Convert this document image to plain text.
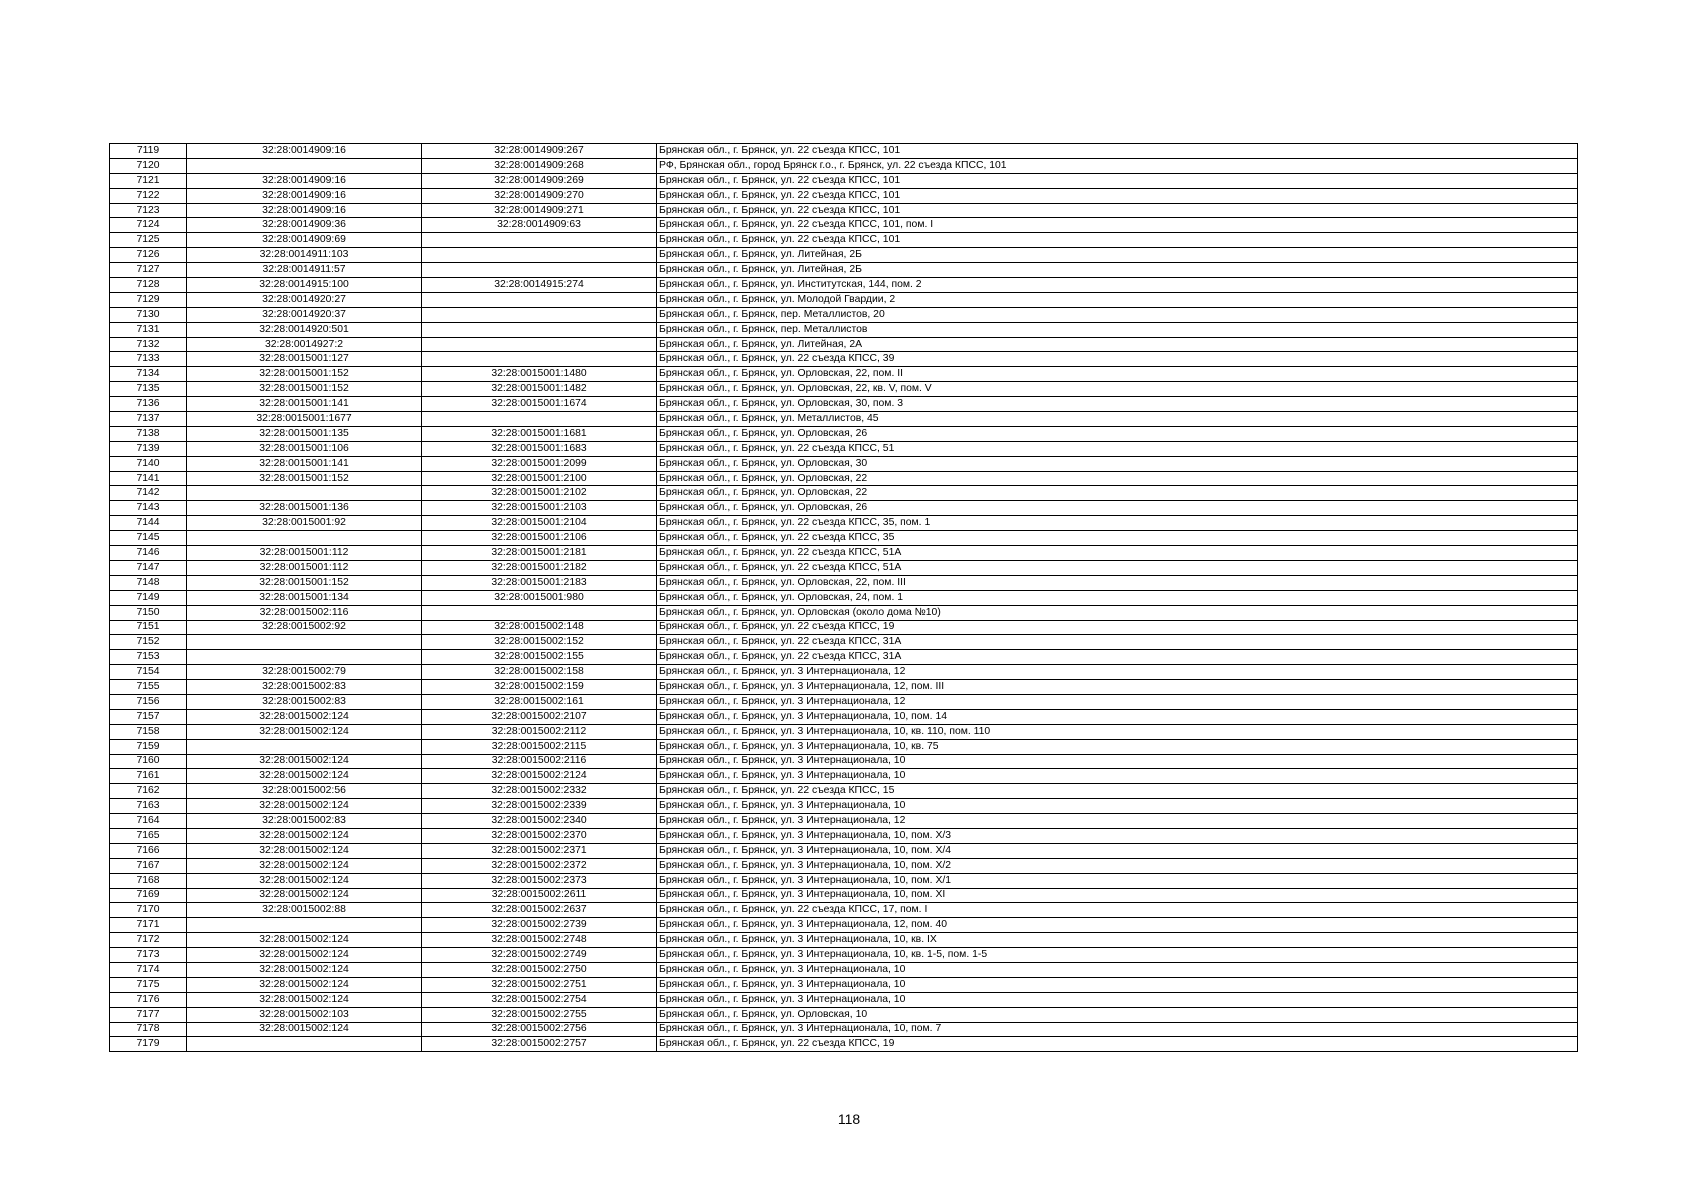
7119	32:28:0014909:16	32:28:0014909:267	Брянская обл., г. Брянск, ул. 22 съезда КПСС, 101
7120		32:28:0014909:268	РФ, Брянская обл., город Брянск г.о., г. Брянск, ул. 22 съезда КПСС, 101
7121	32:28:0014909:16	32:28:0014909:269	Брянская обл., г. Брянск, ул. 22 съезда КПСС, 101
7122	32:28:0014909:16	32:28:0014909:270	Брянская обл., г. Брянск, ул. 22 съезда КПСС, 101
7123	32:28:0014909:16	32:28:0014909:271	Брянская обл., г. Брянск, ул. 22 съезда КПСС, 101
7124	32:28:0014909:36	32:28:0014909:63	Брянская обл., г. Брянск, ул. 22 съезда КПСС, 101, пом. I
7125	32:28:0014909:69		Брянская обл., г. Брянск, ул. 22 съезда КПСС, 101
7126	32:28:0014911:103		Брянская обл., г. Брянск, ул. Литейная, 2Б
7127	32:28:0014911:57		Брянская обл., г. Брянск, ул. Литейная, 2Б
7128	32:28:0014915:100	32:28:0014915:274	Брянская обл., г. Брянск, ул. Институтская, 144, пом. 2
7129	32:28:0014920:27		Брянская обл., г. Брянск, ул. Молодой Гвардии, 2
7130	32:28:0014920:37		Брянская обл., г. Брянск, пер. Металлистов, 20
7131	32:28:0014920:501		Брянская обл., г. Брянск, пер. Металлистов
7132	32:28:0014927:2		Брянская обл., г. Брянск, ул. Литейная, 2А
7133	32:28:0015001:127		Брянская обл., г. Брянск, ул. 22 съезда КПСС, 39
7134	32:28:0015001:152	32:28:0015001:1480	Брянская обл., г. Брянск, ул. Орловская, 22, пом. II
7135	32:28:0015001:152	32:28:0015001:1482	Брянская обл., г. Брянск, ул. Орловская, 22, кв. V, пом. V
7136	32:28:0015001:141	32:28:0015001:1674	Брянская обл., г. Брянск, ул. Орловская, 30, пом. 3
7137	32:28:0015001:1677		Брянская обл., г. Брянск, ул. Металлистов, 45
7138	32:28:0015001:135	32:28:0015001:1681	Брянская обл., г. Брянск, ул. Орловская, 26
7139	32:28:0015001:106	32:28:0015001:1683	Брянская обл., г. Брянск, ул. 22 съезда КПСС, 51
7140	32:28:0015001:141	32:28:0015001:2099	Брянская обл., г. Брянск, ул. Орловская, 30
7141	32:28:0015001:152	32:28:0015001:2100	Брянская обл., г. Брянск, ул. Орловская, 22
7142		32:28:0015001:2102	Брянская обл., г. Брянск, ул. Орловская, 22
7143	32:28:0015001:136	32:28:0015001:2103	Брянская обл., г. Брянск, ул. Орловская, 26
7144	32:28:0015001:92	32:28:0015001:2104	Брянская обл., г. Брянск, ул. 22 съезда КПСС, 35, пом. 1
7145		32:28:0015001:2106	Брянская обл., г. Брянск, ул. 22 съезда КПСС, 35
7146	32:28:0015001:112	32:28:0015001:2181	Брянская обл., г. Брянск, ул. 22 съезда КПСС, 51А
7147	32:28:0015001:112	32:28:0015001:2182	Брянская обл., г. Брянск, ул. 22 съезда КПСС, 51А
7148	32:28:0015001:152	32:28:0015001:2183	Брянская обл., г. Брянск, ул. Орловская, 22, пом. III
7149	32:28:0015001:134	32:28:0015001:980	Брянская обл., г. Брянск, ул. Орловская, 24, пом. 1
7150	32:28:0015002:116		Брянская обл., г. Брянск, ул. Орловская (около дома №10)
7151	32:28:0015002:92	32:28:0015002:148	Брянская обл., г. Брянск, ул. 22 съезда КПСС, 19
7152		32:28:0015002:152	Брянская обл., г. Брянск, ул. 22 съезда КПСС, 31А
7153		32:28:0015002:155	Брянская обл., г. Брянск, ул. 22 съезда КПСС, 31А
7154	32:28:0015002:79	32:28:0015002:158	Брянская обл., г. Брянск, ул. 3 Интернационала, 12
7155	32:28:0015002:83	32:28:0015002:159	Брянская обл., г. Брянск, ул. 3 Интернационала, 12, пом. III
7156	32:28:0015002:83	32:28:0015002:161	Брянская обл., г. Брянск, ул. 3 Интернационала, 12
7157	32:28:0015002:124	32:28:0015002:2107	Брянская обл., г. Брянск, ул. 3 Интернационала, 10, пом. 14
7158	32:28:0015002:124	32:28:0015002:2112	Брянская обл., г. Брянск, ул. 3 Интернационала, 10, кв. 110, пом. 110
7159		32:28:0015002:2115	Брянская обл., г. Брянск, ул. 3 Интернационала, 10, кв. 75
7160	32:28:0015002:124	32:28:0015002:2116	Брянская обл., г. Брянск, ул. 3 Интернационала, 10
7161	32:28:0015002:124	32:28:0015002:2124	Брянская обл., г. Брянск, ул. 3 Интернационала, 10
7162	32:28:0015002:56	32:28:0015002:2332	Брянская обл., г. Брянск, ул. 22 съезда КПСС, 15
7163	32:28:0015002:124	32:28:0015002:2339	Брянская обл., г. Брянск, ул. 3 Интернационала, 10
7164	32:28:0015002:83	32:28:0015002:2340	Брянская обл., г. Брянск, ул. 3 Интернационала, 12
7165	32:28:0015002:124	32:28:0015002:2370	Брянская обл., г. Брянск, ул. 3 Интернационала, 10, пом. X/3
7166	32:28:0015002:124	32:28:0015002:2371	Брянская обл., г. Брянск, ул. 3 Интернационала, 10, пом. X/4
7167	32:28:0015002:124	32:28:0015002:2372	Брянская обл., г. Брянск, ул. 3 Интернационала, 10, пом. X/2
7168	32:28:0015002:124	32:28:0015002:2373	Брянская обл., г. Брянск, ул. 3 Интернационала, 10, пом. X/1
7169	32:28:0015002:124	32:28:0015002:2611	Брянская обл., г. Брянск, ул. 3 Интернационала, 10, пом. XI
7170	32:28:0015002:88	32:28:0015002:2637	Брянская обл., г. Брянск, ул. 22 съезда КПСС, 17, пом. I
7171		32:28:0015002:2739	Брянская обл., г. Брянск, ул. 3 Интернационала, 12, пом. 40
7172	32:28:0015002:124	32:28:0015002:2748	Брянская обл., г. Брянск, ул. 3 Интернационала, 10, кв. IX
7173	32:28:0015002:124	32:28:0015002:2749	Брянская обл., г. Брянск, ул. 3 Интернационала, 10, кв. 1-5, пом. 1-5
7174	32:28:0015002:124	32:28:0015002:2750	Брянская обл., г. Брянск, ул. 3 Интернационала, 10
7175	32:28:0015002:124	32:28:0015002:2751	Брянская обл., г. Брянск, ул. 3 Интернационала, 10
7176	32:28:0015002:124	32:28:0015002:2754	Брянская обл., г. Брянск, ул. 3 Интернационала, 10
7177	32:28:0015002:103	32:28:0015002:2755	Брянская обл., г. Брянск, ул. Орловская, 10
7178	32:28:0015002:124	32:28:0015002:2756	Брянская обл., г. Брянск, ул. 3 Интернационала, 10, пом. 7
7179		32:28:0015002:2757	Брянская обл., г. Брянск, ул. 22 съезда КПСС, 19
118
